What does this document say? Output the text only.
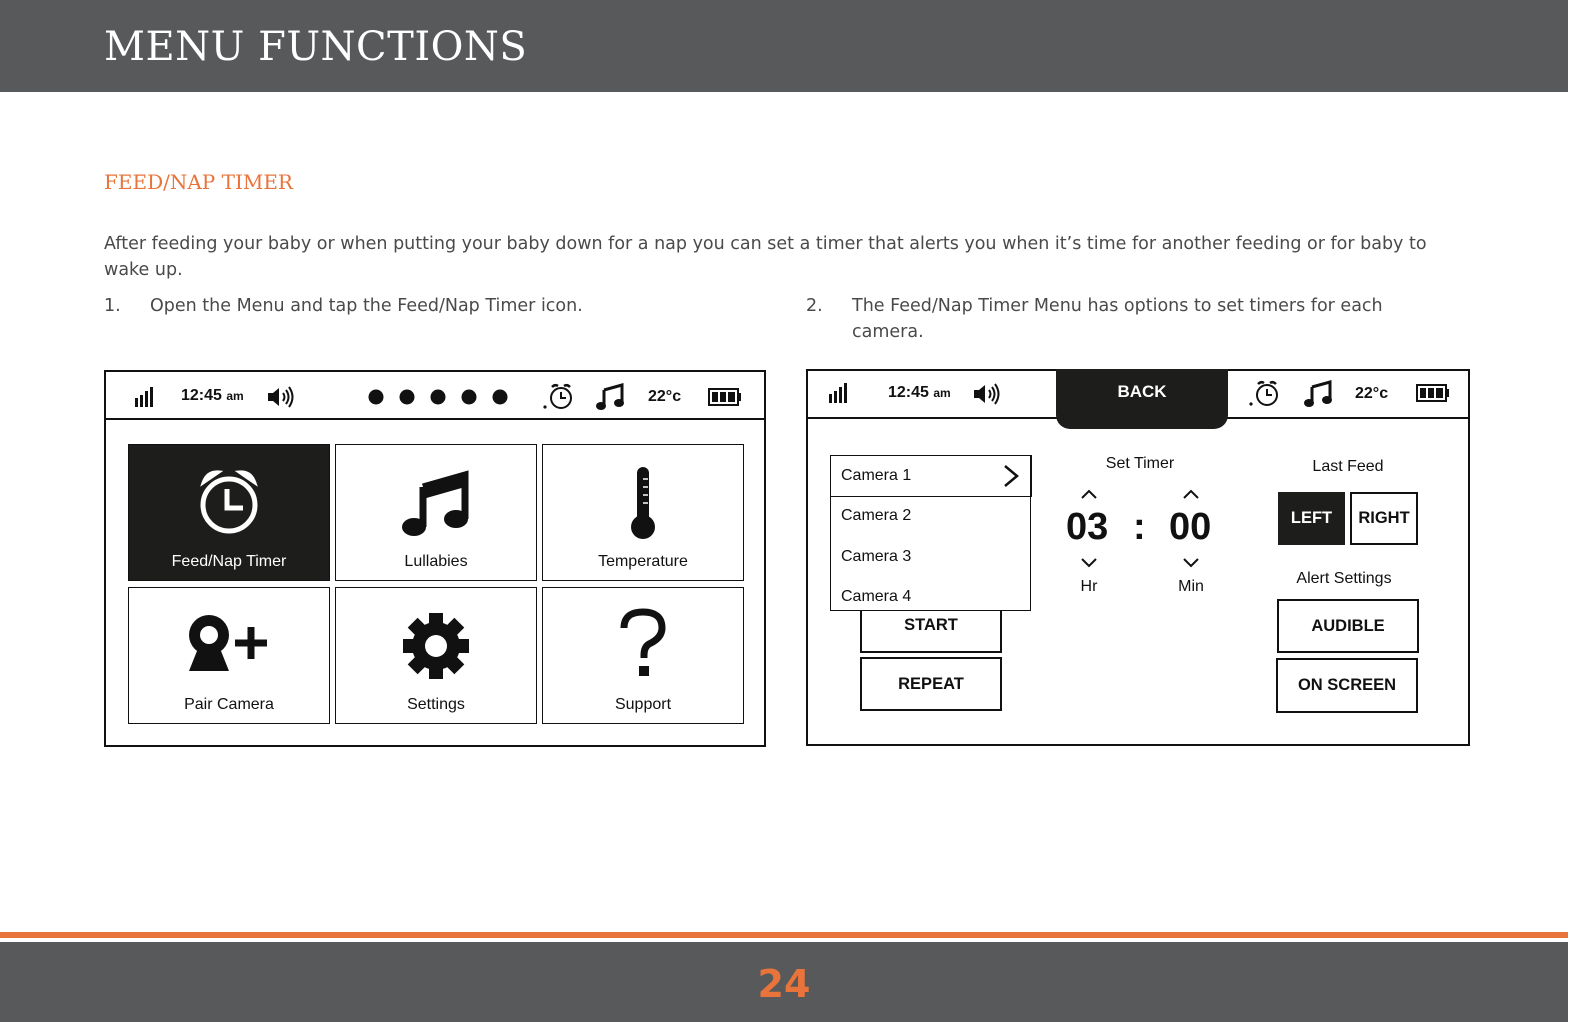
MENU FUNCTIONS
FEED/NAP TIMER
After feeding your baby or when putting your baby down for a nap you can set a timer that alerts you when it’s time for another feeding or for baby to wake up.
1. Open the Menu and tap the Feed/Nap Timer icon.	2. The Feed/Nap Timer Menu has options to set timers for each camera.
12:45 am	22°c
Feed/Nap Timer	Lullabies	Temperature
Pair Camera	Settings	Support
12:45 am	BACK	22°c
START
REPEAT
Camera 1
Camera 2
Camera 3
Camera 4
Set Timer
03 : 00
Hr	Min
Last Feed
LEFT	RIGHT
Alert Settings
AUDIBLE
ON SCREEN
24
